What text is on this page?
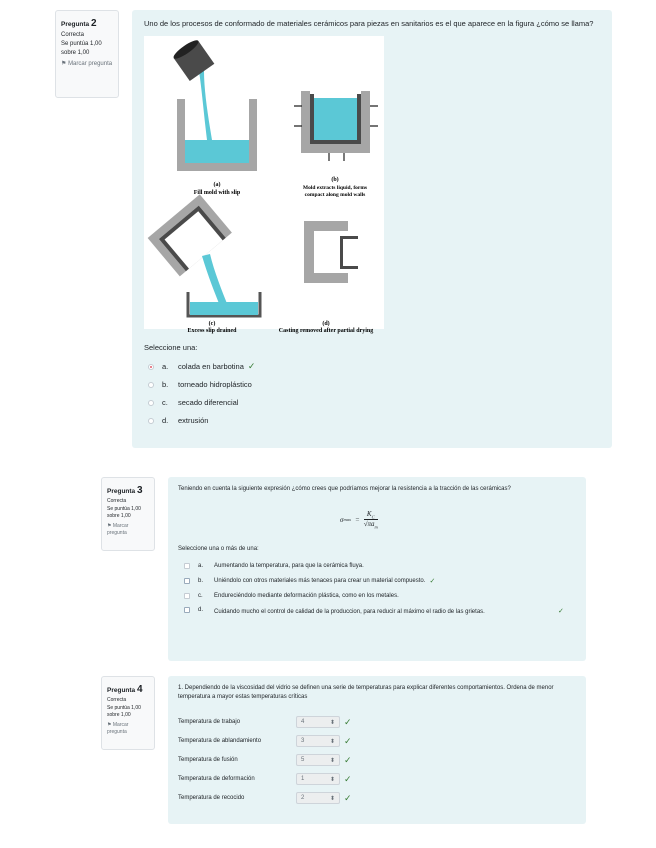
Pregunta 2
Correcta
Se puntúa 1,00 sobre 1,00
⚑ Marcar pregunta
Uno de los procesos de conformado de materiales cerámicos para piezas en sanitarios es el que aparece en la figura ¿cómo se llama?
(a)
Fill mold with slip
(b)
Mold extracts liquid, forms
compact along mold walls
(c)
Excess slip drained
(d)
Casting removed after partial drying
Seleccione una:
a.	colada en barbotina ✓
b.	torneado hidroplástico
c.	secado diferencial
d.	extrusión
Pregunta 3
Correcta
Se puntúa 1,00 sobre 1,00
⚑ Marcar pregunta
Teniendo en cuenta la siguiente expresión ¿cómo crees que podríamos mejorar la resistencia a la tracción de las cerámicas?
σ max =
$K_C$
$√\pi a_m$
Seleccione una o más de una:
a.	Aumentando la temperatura, para que la cerámica fluya.
b.	Uniéndolo con otros materiales más tenaces para crear un material compuesto. ✓
c.	Endureciéndolo mediante deformación plástica, como en los metales.
d.	Cuidando mucho el control de calidad de la produccion, para reducir al máximo el radio de las grietas.	✓
Pregunta 4
Correcta
Se puntúa 1,00 sobre 1,00
⚑ Marcar pregunta
1. Dependiendo de la viscosidad del vidrio se definen una serie de temperaturas para explicar diferentes comportamientos. Ordena de menor temperatura a mayor estas temperaturas críticas
Temperatura de trabajo	4	⬍ ✓
Temperatura de ablandamiento	3	⬍ ✓
Temperatura de fusión	5	⬍ ✓
Temperatura de deformación	1	⬍ ✓
Temperatura de recocido	2	⬍ ✓
